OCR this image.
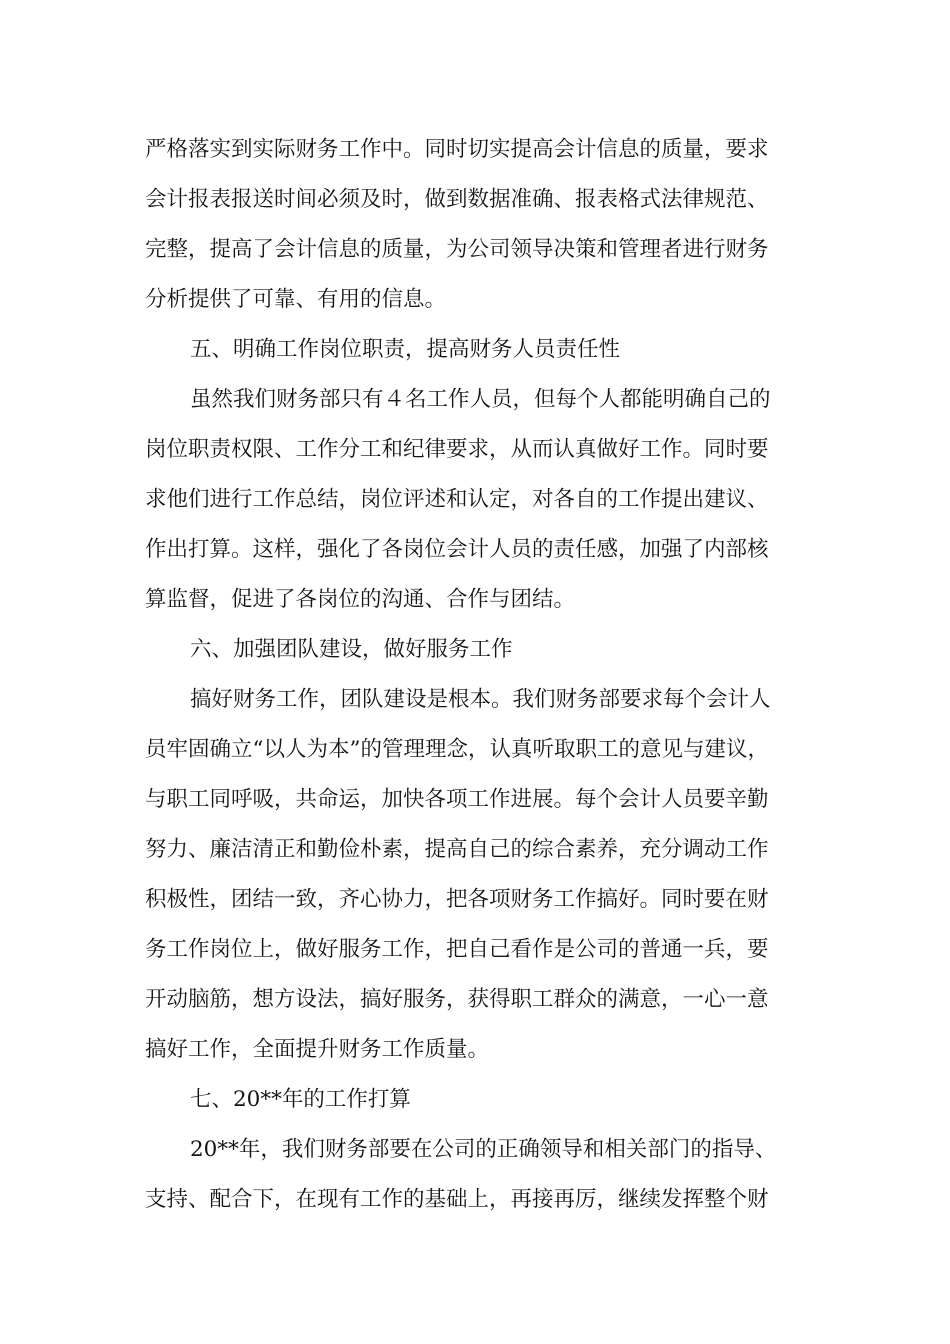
严格落实到实际财务工作中。同时切实提高会计信息的质量，要求
会计报表报送时间必须及时，做到数据准确、报表格式法律规范、
完整，提高了会计信息的质量，为公司领导决策和管理者进行财务
分析提供了可靠、有用的信息。
五、明确工作岗位职责，提高财务人员责任性
虽然我们财务部只有４名工作人员，但每个人都能明确自己的
岗位职责权限、工作分工和纪律要求，从而认真做好工作。同时要
求他们进行工作总结，岗位评述和认定，对各自的工作提出建议、
作出打算。这样，强化了各岗位会计人员的责任感，加强了内部核
算监督，促进了各岗位的沟通、合作与团结。
六、加强团队建设，做好服务工作
搞好财务工作，团队建设是根本。我们财务部要求每个会计人
员牢固确立“以人为本”的管理理念，认真听取职工的意见与建议，
与职工同呼吸，共命运，加快各项工作进展。每个会计人员要辛勤
努力、廉洁清正和勤俭朴素，提高自己的综合素养，充分调动工作
积极性，团结一致，齐心协力，把各项财务工作搞好。同时要在财
务工作岗位上，做好服务工作，把自己看作是公司的普通一兵，要
开动脑筋，想方设法，搞好服务，获得职工群众的满意，一心一意
搞好工作，全面提升财务工作质量。
七、20**年的工作打算
20**年，我们财务部要在公司的正确领导和相关部门的指导、
支持、配合下，在现有工作的基础上，再接再厉，继续发挥整个财
